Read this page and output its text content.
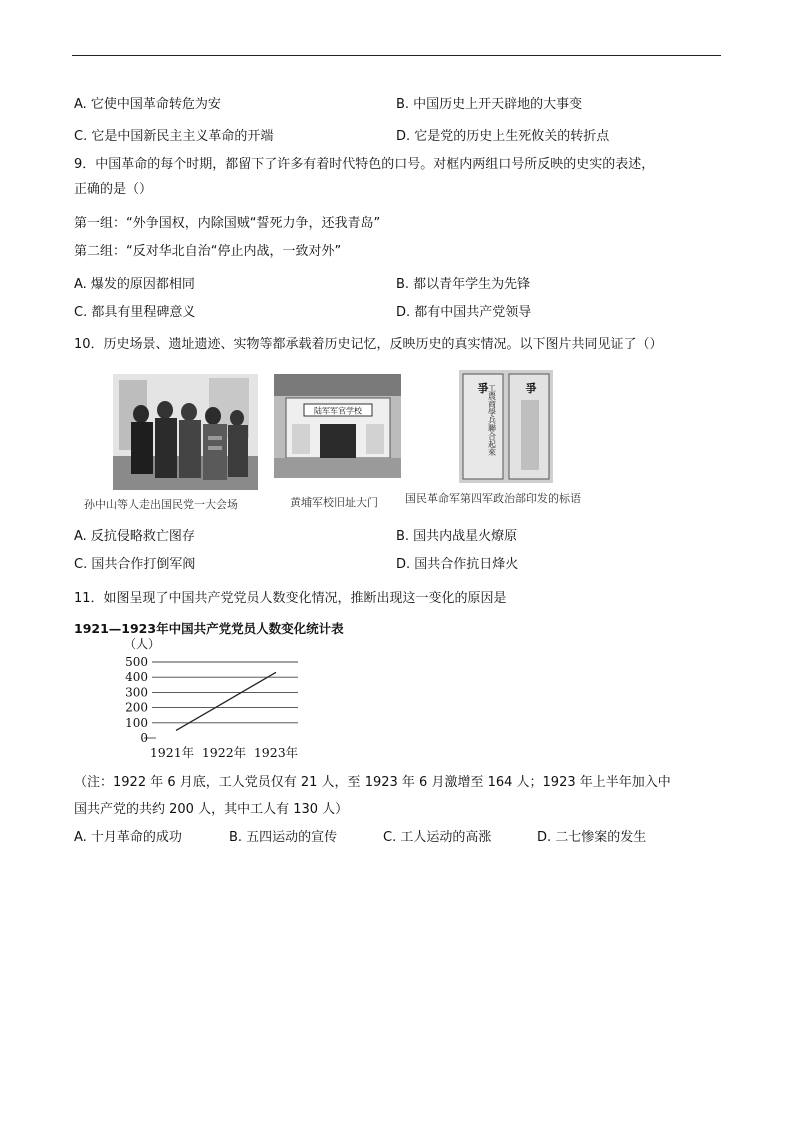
A. 它使中国革命转危为安	B. 中国历史上开天辟地的大事变
C. 它是中国新民主主义革命的开端	D. 它是党的历史上生死攸关的转折点
9．中国革命的每个时期，都留下了许多有着时代特色的口号。对框内两组口号所反映的史实的表述，
正确的是（）
第一组：“外争国权，内除国贼“誓死力争，还我青岛”
第二组：“反对华北自治“停止内战，一致对外”
A. 爆发的原因都相同	B. 都以青年学生为先锋
C. 都具有里程碑意义	D. 都有中国共产党领导
10．历史场景、遗址遗迹、实物等都承载着历史记忆，反映历史的真实情况。以下图片共同见证了（）
孙中山等人走出国民党一大会场
陆军军官学校
黄埔军校旧址大门
爭 工農商學兵聯合起來	爭
国民革命军第四军政治部印发的标语
A. 反抗侵略救亡图存	B. 国共内战星火燎原
C. 国共合作打倒军阀	D. 国共合作抗日烽火
11．如图呈现了中国共产党党员人数变化情况，推断出现这一变化的原因是
1921—1923年中国共产党党员人数变化统计表
（人）
0
100
200
300
400
500
1921年 1922年 1923年
（注：1922 年 6 月底，工人党员仅有 21 人，至 1923 年 6 月激增至 164 人；1923 年上半年加入中
国共产党的共约 200 人，其中工人有 130 人）
A. 十月革命的成功	B. 五四运动的宣传	C. 工人运动的高涨	D. 二七惨案的发生
